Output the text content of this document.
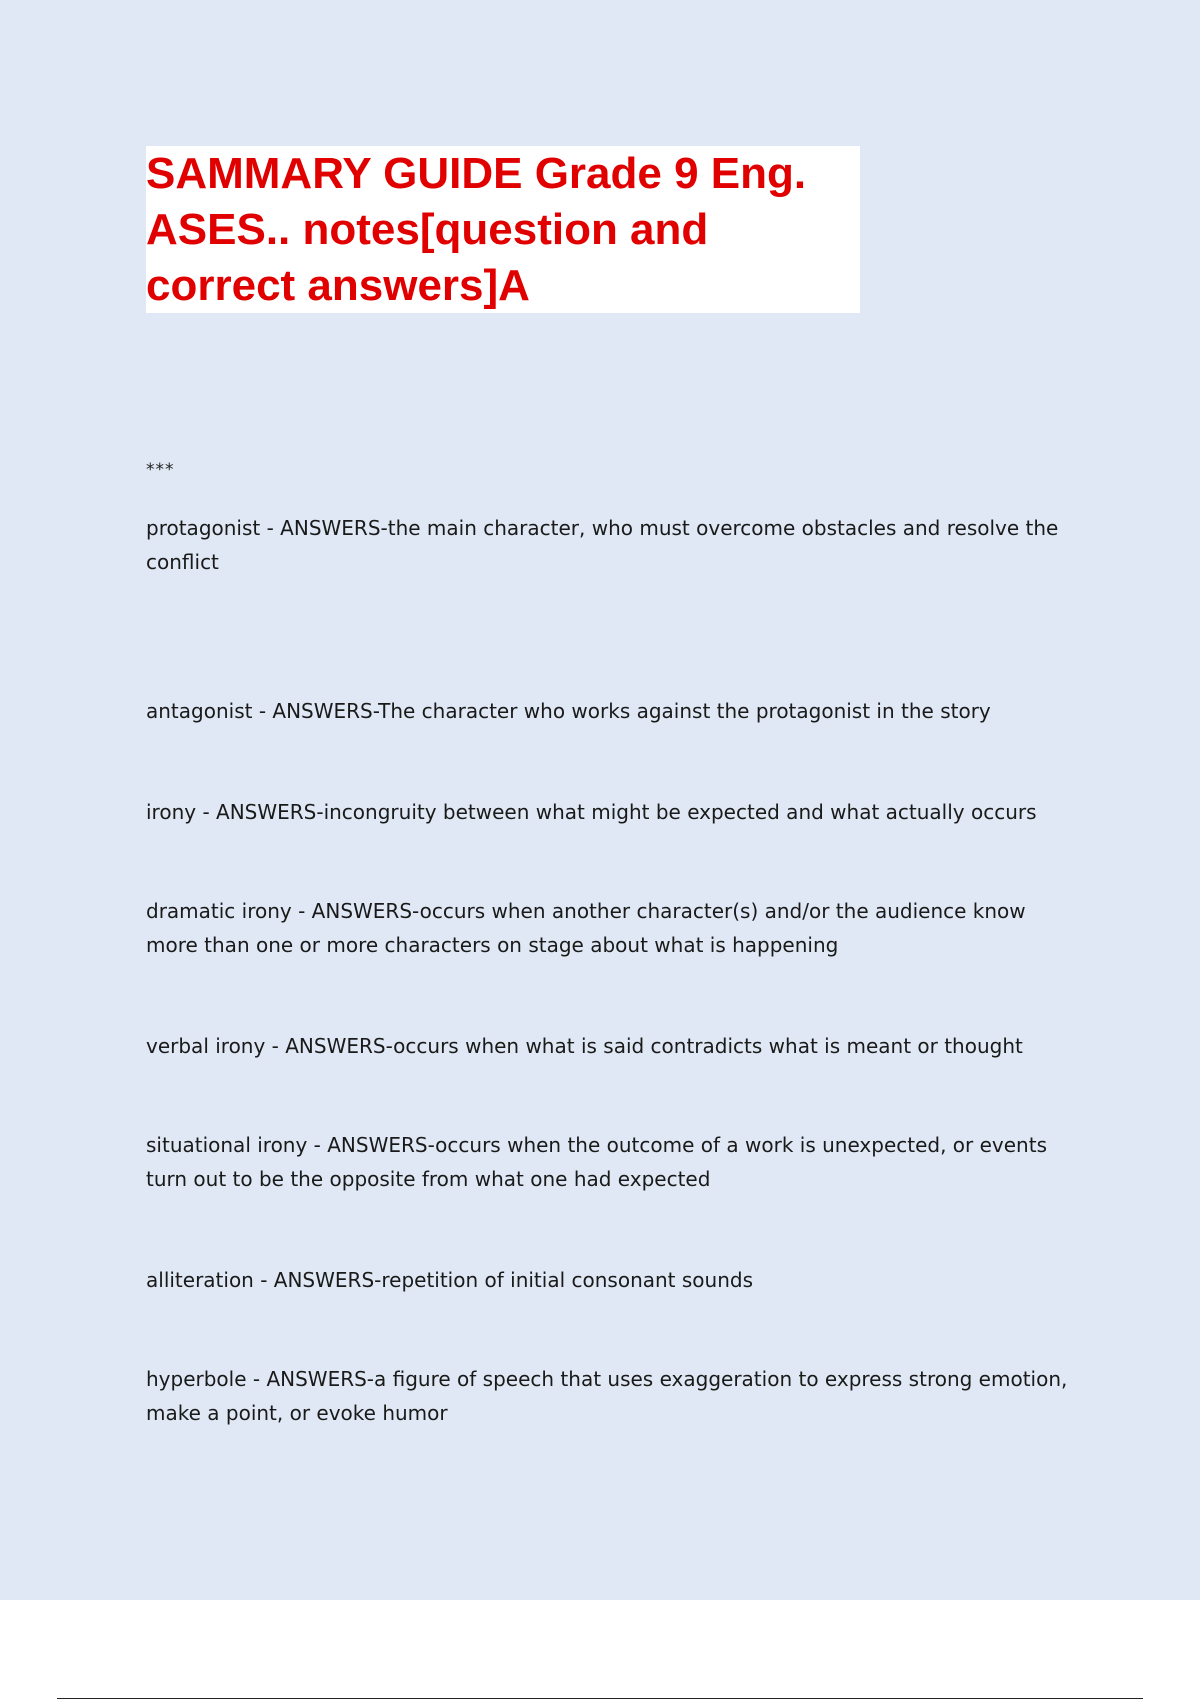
SAMMARY GUIDE Grade 9 Eng. ASES.. notes[question and correct answers]A

***

protagonist - ANSWERS-the main character, who must overcome obstacles and resolve the conflict

antagonist - ANSWERS-The character who works against the protagonist in the story

irony - ANSWERS-incongruity between what might be expected and what actually occurs

dramatic irony - ANSWERS-occurs when another character(s) and/or the audience know more than one or more characters on stage about what is happening

verbal irony - ANSWERS-occurs when what is said contradicts what is meant or thought

situational irony - ANSWERS-occurs when the outcome of a work is unexpected, or events turn out to be the opposite from what one had expected

alliteration - ANSWERS-repetition of initial consonant sounds

hyperbole - ANSWERS-a figure of speech that uses exaggeration to express strong emotion, make a point, or evoke humor
